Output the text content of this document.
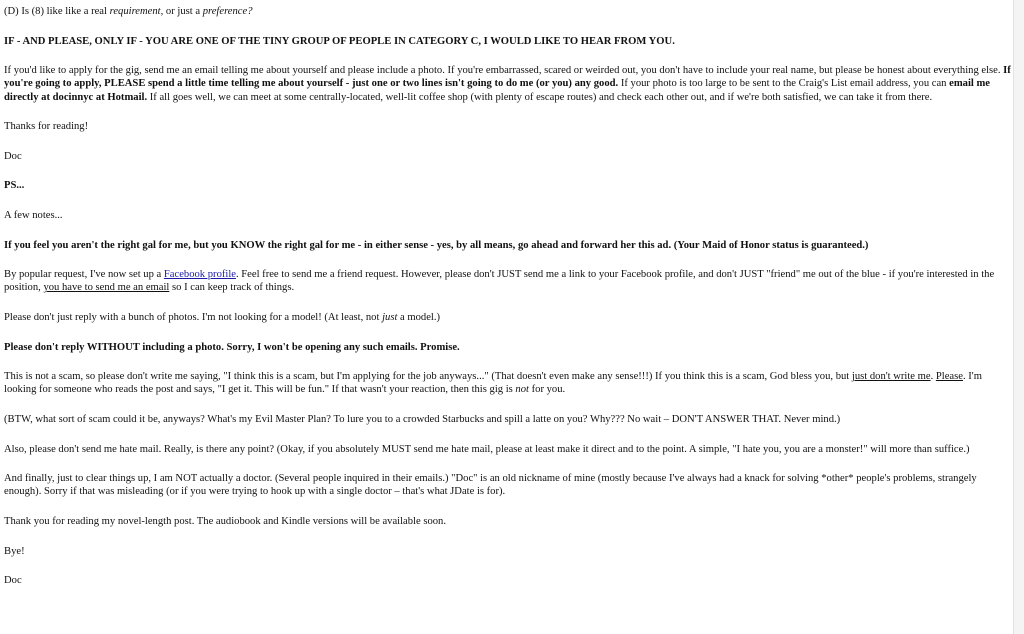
(D) Is (8) like like a real requirement, or just a preference?

IF - AND PLEASE, ONLY IF - YOU ARE ONE OF THE TINY GROUP OF PEOPLE IN CATEGORY C, I WOULD LIKE TO HEAR FROM YOU.

If you'd like to apply for the gig, send me an email telling me about yourself and please include a photo. If you're embarrassed, scared or weirded out, you don't have to include your real name, but please be honest about everything else. If you're going to apply, PLEASE spend a little time telling me about yourself - just one or two lines isn't going to do me (or you) any good. If your photo is too large to be sent to the Craig's List email address, you can email me directly at docinnyc at Hotmail. If all goes well, we can meet at some centrally-located, well-lit coffee shop (with plenty of escape routes) and check each other out, and if we're both satisfied, we can take it from there.

Thanks for reading!

Doc

PS...

A few notes...

If you feel you aren't the right gal for me, but you KNOW the right gal for me - in either sense - yes, by all means, go ahead and forward her this ad. (Your Maid of Honor status is guaranteed.)

By popular request, I've now set up a Facebook profile. Feel free to send me a friend request. However, please don't JUST send me a link to your Facebook profile, and don't JUST "friend" me out of the blue - if you're interested in the position, you have to send me an email so I can keep track of things.

Please don't just reply with a bunch of photos. I'm not looking for a model! (At least, not just a model.)

Please don't reply WITHOUT including a photo. Sorry, I won't be opening any such emails. Promise.

This is not a scam, so please don't write me saying, "I think this is a scam, but I'm applying for the job anyways..." (That doesn't even make any sense!!!) If you think this is a scam, God bless you, but just don't write me. Please. I'm looking for someone who reads the post and says, "I get it. This will be fun." If that wasn't your reaction, then this gig is not for you.

(BTW, what sort of scam could it be, anyways? What's my Evil Master Plan? To lure you to a crowded Starbucks and spill a latte on you? Why??? No wait – DON'T ANSWER THAT. Never mind.)

Also, please don't send me hate mail. Really, is there any point? (Okay, if you absolutely MUST send me hate mail, please at least make it direct and to the point. A simple, "I hate you, you are a monster!" will more than suffice.)

And finally, just to clear things up, I am NOT actually a doctor. (Several people inquired in their emails.) "Doc" is an old nickname of mine (mostly because I've always had a knack for solving *other* people's problems, strangely enough). Sorry if that was misleading (or if you were trying to hook up with a single doctor – that's what JDate is for).

Thank you for reading my novel-length post. The audiobook and Kindle versions will be available soon.

Bye!

Doc
